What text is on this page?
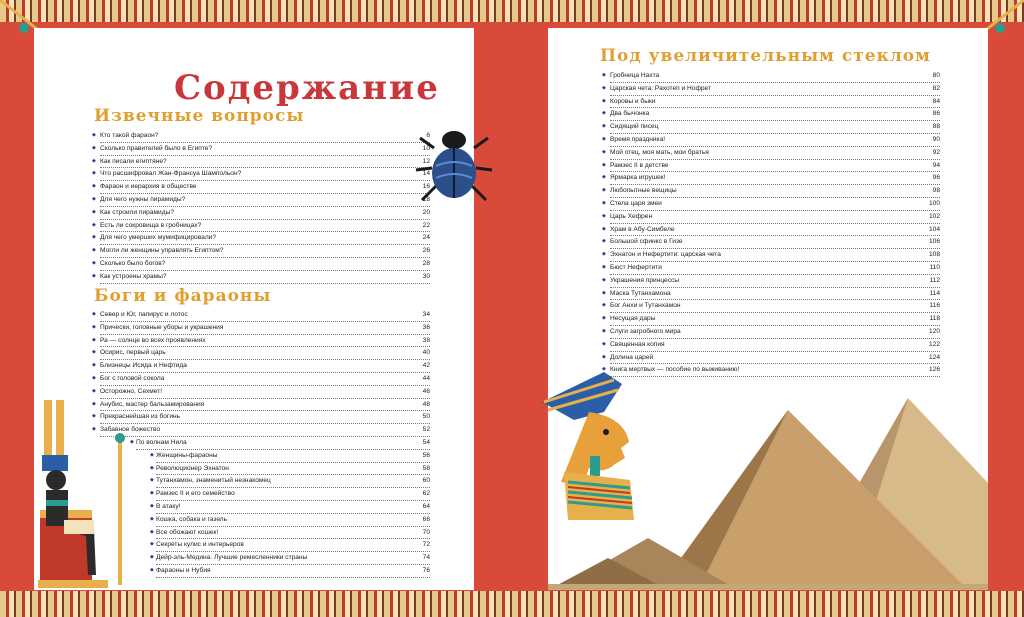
Содержание
Извечные вопросы
◆ Кто такой фараон?	6
◆ Сколько правителей было в Египте?	10
◆ Как писали египтяне?	12
◆ Что расшифровал Жан-Франсуа Шампольон?	14
◆ Фараон и иерархия в обществе	16
◆ Для чего нужны пирамиды?	18
◆ Как строили пирамиды?	20
◆ Есть ли сокровища в гробницах?	22
◆ Для чего умерших мумифицировали?	24
◆ Могли ли женщины управлять Египтом?	26
◆ Сколько было богов?	28
◆ Как устроены храмы?	30
Боги и фараоны
◆ Север и Юг, папирус и лотос	34
◆ Прически, головные уборы и украшения	36
◆ Ра — солнце во всех проявлениях	38
◆ Осирис, первый царь	40
◆ Близнецы Исида и Нефтида	42
◆ Бог с головой сокола	44
◆ Осторожно, Сехмет!	46
◆ Анубис, мастер бальзамирования	48
◆ Прекраснейшая из богинь	50
◆ Забавное божество	52
◆ По волнам Нила	54
◆ Женщины-фараоны	56
◆ Революционер Эхнатон	58
◆ Тутанхамон, знаменитый незнакомец	60
◆ Рамзес II и его семейство	62
◆ В атаку!	64
◆ Кошка, собака и газель	66
◆ Все обожают кошек!	70
◆ Секреты кулис и интерьеров	72
◆ Дейр-эль-Медина. Лучшие ремесленники страны	74
◆ Фараоны и Нубия	76
Под увеличительным стеклом
◆ Гробница Нахта	80
◆ Царская чета: Рахотеп и Нофрет	82
◆ Коровы и быки	84
◆ Два бычонка	86
◆ Сидящий писец	88
◆ Время праздника!	90
◆ Мой отец, моя мать, мои братья	92
◆ Рамзес II в детстве	94
◆ Ярмарка игрушек!	96
◆ Любопытные вещицы	98
◆ Стела царя змеи	100
◆ Царь Хефрен	102
◆ Храм в Абу-Симбеле	104
◆ Большой сфинкс в Гизе	106
◆ Эхнатон и Нефертити: царская чета	108
◆ Бюст Нефертити	110
◆ Украшения принцессы	112
◆ Маска Тутанхамона	114
◆ Бог Анхи и Тутанхамон	116
◆ Несущая дары	118
◆ Слуги загробного мира	120
◆ Священная копия	122
◆ Долина царей	124
◆ Книга мертвых — пособие по выживанию!	126
